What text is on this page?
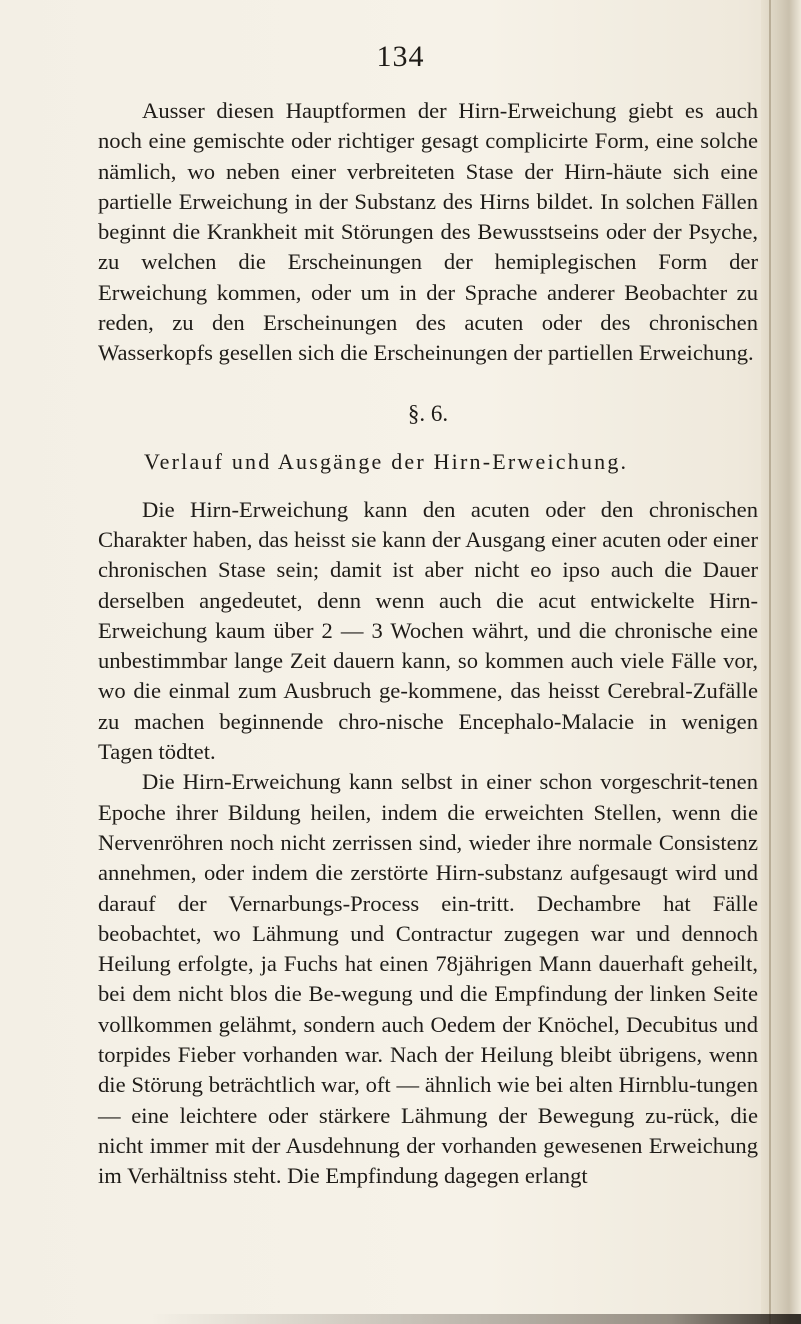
134

Ausser diesen Hauptformen der Hirn-Erweichung giebt es auch noch eine gemischte oder richtiger gesagt complicirte Form, eine solche nämlich, wo neben einer verbreiteten Stase der Hirn-häute sich eine partielle Erweichung in der Substanz des Hirns bildet. In solchen Fällen beginnt die Krankheit mit Störungen des Bewusstseins oder der Psyche, zu welchen die Erscheinungen der hemiplegischen Form der Erweichung kommen, oder um in der Sprache anderer Beobachter zu reden, zu den Erscheinungen des acuten oder des chronischen Wasserkopfs gesellen sich die Erscheinungen der partiellen Erweichung.

§. 6.
Verlauf und Ausgänge der Hirn-Erweichung.

Die Hirn-Erweichung kann den acuten oder den chronischen Charakter haben, das heisst sie kann der Ausgang einer acuten oder einer chronischen Stase sein; damit ist aber nicht eo ipso auch die Dauer derselben angedeutet, denn wenn auch die acut entwickelte Hirn-Erweichung kaum über 2 — 3 Wochen währt, und die chronische eine unbestimmbar lange Zeit dauern kann, so kommen auch viele Fälle vor, wo die einmal zum Ausbruch ge-kommene, das heisst Cerebral-Zufälle zu machen beginnende chro-nische Encephalo-Malacie in wenigen Tagen tödtet.

Die Hirn-Erweichung kann selbst in einer schon vorgeschrit-tenen Epoche ihrer Bildung heilen, indem die erweichten Stellen, wenn die Nervenröhren noch nicht zerrissen sind, wieder ihre normale Consistenz annehmen, oder indem die zerstörte Hirn-substanz aufgesaugt wird und darauf der Vernarbungs-Process ein-tritt. Dechambre hat Fälle beobachtet, wo Lähmung und Contractur zugegen war und dennoch Heilung erfolgte, ja Fuchs hat einen 78jährigen Mann dauerhaft geheilt, bei dem nicht blos die Be-wegung und die Empfindung der linken Seite vollkommen gelähmt, sondern auch Oedem der Knöchel, Decubitus und torpides Fieber vorhanden war. Nach der Heilung bleibt übrigens, wenn die Störung beträchtlich war, oft — ähnlich wie bei alten Hirnblu-tungen — eine leichtere oder stärkere Lähmung der Bewegung zu-rück, die nicht immer mit der Ausdehnung der vorhanden gewesenen Erweichung im Verhältniss steht. Die Empfindung dagegen erlangt
